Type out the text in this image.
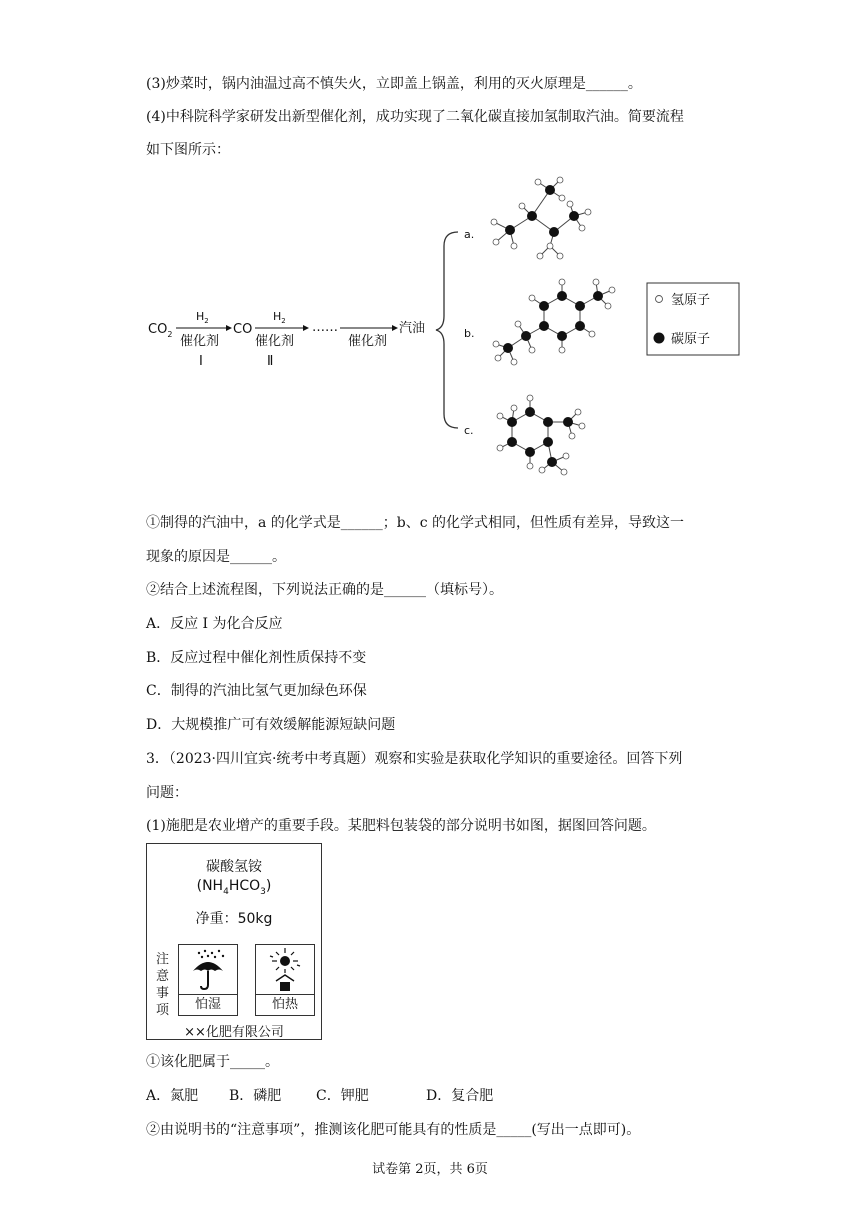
(3)炒菜时，锅内油温过高不慎失火，立即盖上锅盖，利用的灭火原理是______。
(4)中科院科学家研发出新型催化剂，成功实现了二氧化碳直接加氢制取汽油。简要流程
如下图所示：
$CO_2$
$H_2$
催化剂
Ⅰ
CO
$H_2$
催化剂
Ⅱ
……
催化剂
汽油
a.
b.
c.
氢原子
碳原子
①制得的汽油中，a 的化学式是______；b、c 的化学式相同，但性质有差异，导致这一
现象的原因是______。
②结合上述流程图，下列说法正确的是______（填标号）。
A．反应 I 为化合反应
B．反应过程中催化剂性质保持不变
C．制得的汽油比氢气更加绿色环保
D．大规模推广可有效缓解能源短缺问题
3．（2023·四川宜宾·统考中考真题）观察和实验是获取化学知识的重要途径。回答下列
问题：
(1)施肥是农业增产的重要手段。某肥料包装袋的部分说明书如图，据图回答问题。
碳酸氢铵
$(NH_4HCO_3)$
净重：50kg
注意事项	怕湿	怕热
××化肥有限公司
①该化肥属于_____。
A．氮肥 B．磷肥 C．钾肥	D．复合肥
②由说明书的“注意事项”，推测该化肥可能具有的性质是_____(写出一点即可)。
试卷第 2页，共 6页
